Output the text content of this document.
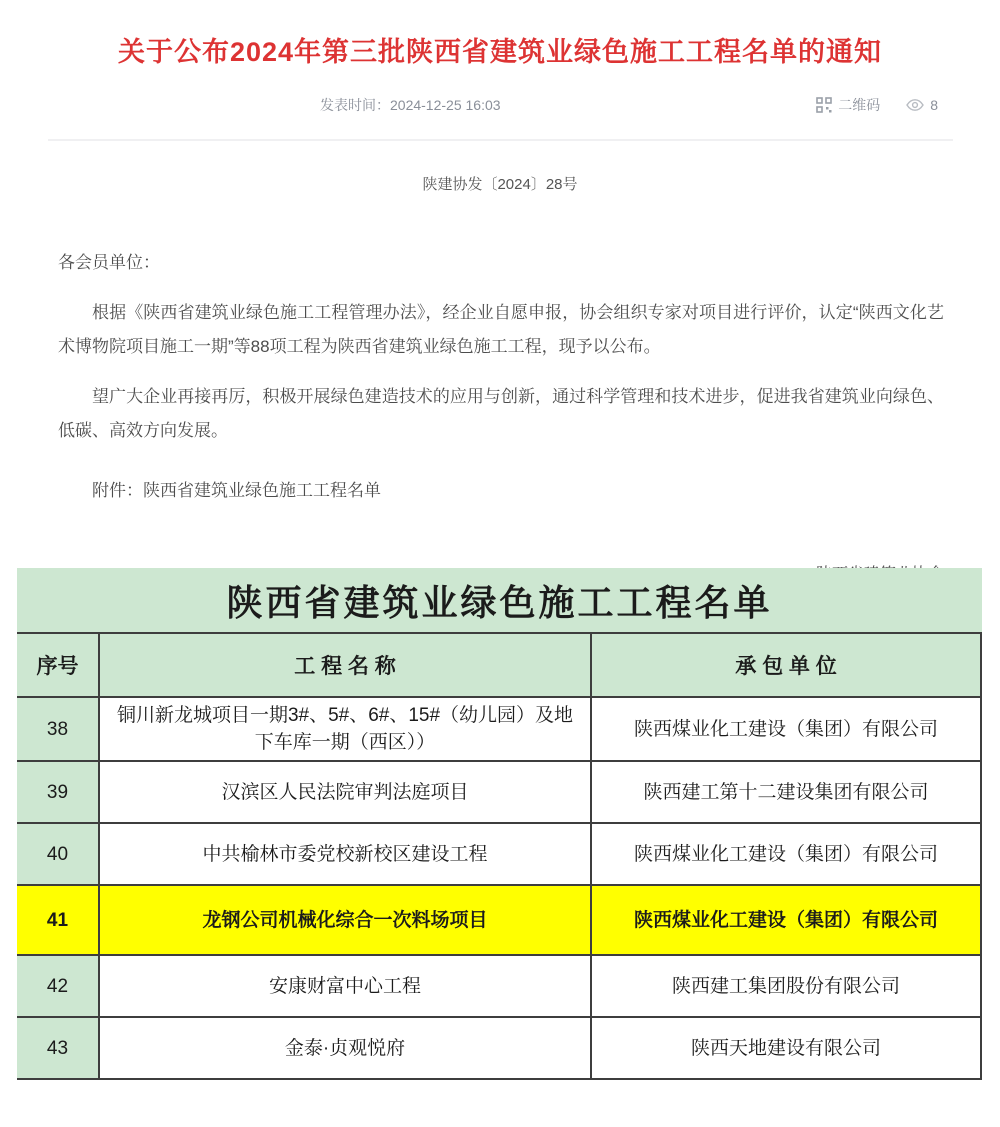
关于公布2024年第三批陕西省建筑业绿色施工工程名单的通知
发表时间：2024-12-25 16:03	二维码	8
陕建协发〔2024〕28号
各会员单位：

根据《陕西省建筑业绿色施工工程管理办法》，经企业自愿申报，协会组织专家对项目进行评价，认定“陕西文化艺术博物院项目施工一期”等88项工程为陕西省建筑业绿色施工工程，现予以公布。

望广大企业再接再厉，积极开展绿色建造技术的应用与创新，通过科学管理和技术进步，促进我省建筑业向绿色、低碳、高效方向发展。

附件：陕西省建筑业绿色施工工程名单

陕西省建筑业绿色施工工程名单		
序号	工 程 名 称	承 包 单 位
38	铜川新龙城项目一期3#、5#、6#、15#（幼儿园）及地下车库一期（西区））	陕西煤业化工建设（集团）有限公司
39	汉滨区人民法院审判法庭项目	陕西建工第十二建设集团有限公司
40	中共榆林市委党校新校区建设工程	陕西煤业化工建设（集团）有限公司
41	龙钢公司机械化综合一次料场项目	陕西煤业化工建设（集团）有限公司
42	安康财富中心工程	陕西建工集团股份有限公司
43	金泰·贞观悦府	陕西天地建设有限公司
